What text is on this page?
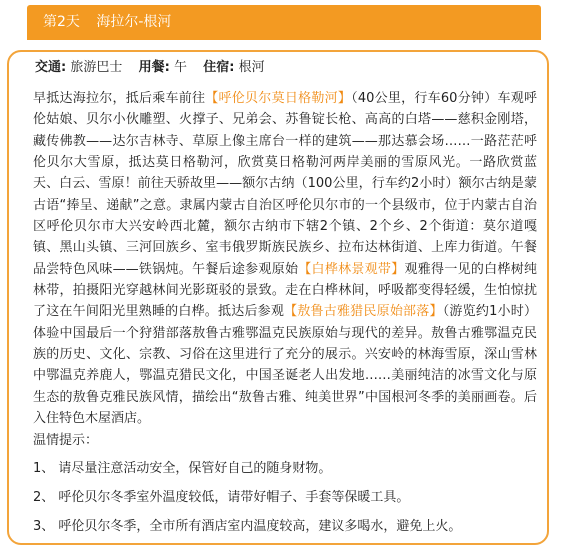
第2天 海拉尔-根河
交通: 旅游巴士 用餐: 午 住宿: 根河
早抵达海拉尔，抵后乘车前往【呼伦贝尔莫日格勒河】（40公里，行车60分钟）车观呼伦姑娘、贝尔小伙雕塑、火撑子、兄弟会、苏鲁锭长枪、高高的白塔——慈积金刚塔，藏传佛教——达尔吉林寺、草原上像主席台一样的建筑——那达慕会场……一路茫茫呼伦贝尔大雪原，抵达莫日格勒河，欣赏莫日格勒河两岸美丽的雪原风光。一路欣赏蓝天、白云、雪原！前往天骄故里——额尔古纳（100公里，行车约2小时）额尔古纳是蒙古语“捧呈、递献”之意。隶属内蒙古自治区呼伦贝尔市的一个县级市，位于内蒙古自治区呼伦贝尔市大兴安岭西北麓，额尔古纳市下辖2个镇、2个乡、2个街道：莫尔道嘎镇、黑山头镇、三河回族乡、室韦俄罗斯族民族乡、拉布达林街道、上库力街道。午餐品尝特色风味——铁锅炖。午餐后途参观原始【白桦林景观带】观雅得一见的白桦树纯林带，拍摄阳光穿越林间光影斑驳的景致。走在白桦林间，呼吸都变得轻缓，生怕惊扰了这在午间阳光里熟睡的白桦。抵达后参观【敖鲁古雅猎民原始部落】（游览约1小时）体验中国最后一个狩猎部落敖鲁古雅鄂温克民族原始与现代的差异。敖鲁古雅鄂温克民族的历史、文化、宗教、习俗在这里进行了充分的展示。兴安岭的林海雪原，深山雪林中鄂温克养鹿人，鄂温克猎民文化，中国圣诞老人出发地……美丽纯洁的冰雪文化与原生态的敖鲁克雅民族风情，描绘出“敖鲁古雅、纯美世界”中国根河冬季的美丽画卷。后入住特色木屋酒店。
温情提示：
1、 请尽量注意活动安全，保管好自己的随身财物。
2、 呼伦贝尔冬季室外温度较低，请带好帽子、手套等保暖工具。
3、 呼伦贝尔冬季，全市所有酒店室内温度较高，建议多喝水，避免上火。
